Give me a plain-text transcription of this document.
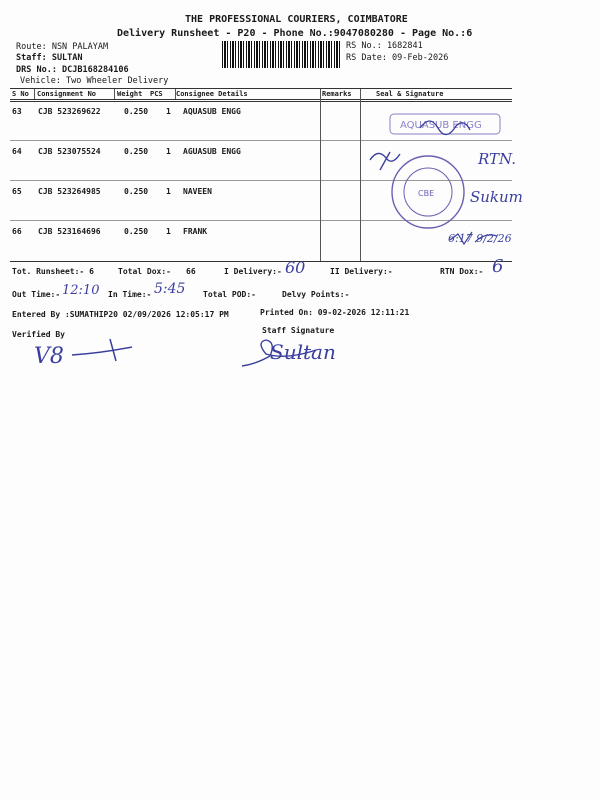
THE PROFESSIONAL COURIERS, COIMBATORE
Delivery Runsheet - P20 - Phone No.:9047080280 - Page No.:6
Route: NSN PALAYAM
Staff: SULTAN
DRS No.: DCJB168284106
Vehicle: Two Wheeler Delivery
RS No.: 1682841
RS Date: 09-Feb-2026
S No Consignment No	Weight PCS Consignee Details	Remarks	Seal & Signature
63 CJB 523269622	0.250 1 AQUASUB ENGG
64 CJB 523075524	0.250 1 AGUASUB ENGG
65 CJB 523264985	0.250 1 NAVEEN
66 CJB 523164696	0.250 1 FRANK
AQUASUB ENGG
CBE
RTN.
Sukum
6:17 9/2/26
Tot. Runsheet:- 6	Total Dox:- 66	I Delivery:- 60	II Delivery:-	RTN Dox:- 6
Out Time:- 12:10 In Time:- 5:45 Total POD:-	Delvy Points:-
Entered By :SUMATHIP20 02/09/2026 12:05:17 PM	Printed On: 09-02-2026 12:11:21
Verified By	Staff Signature
V8	Sultan
